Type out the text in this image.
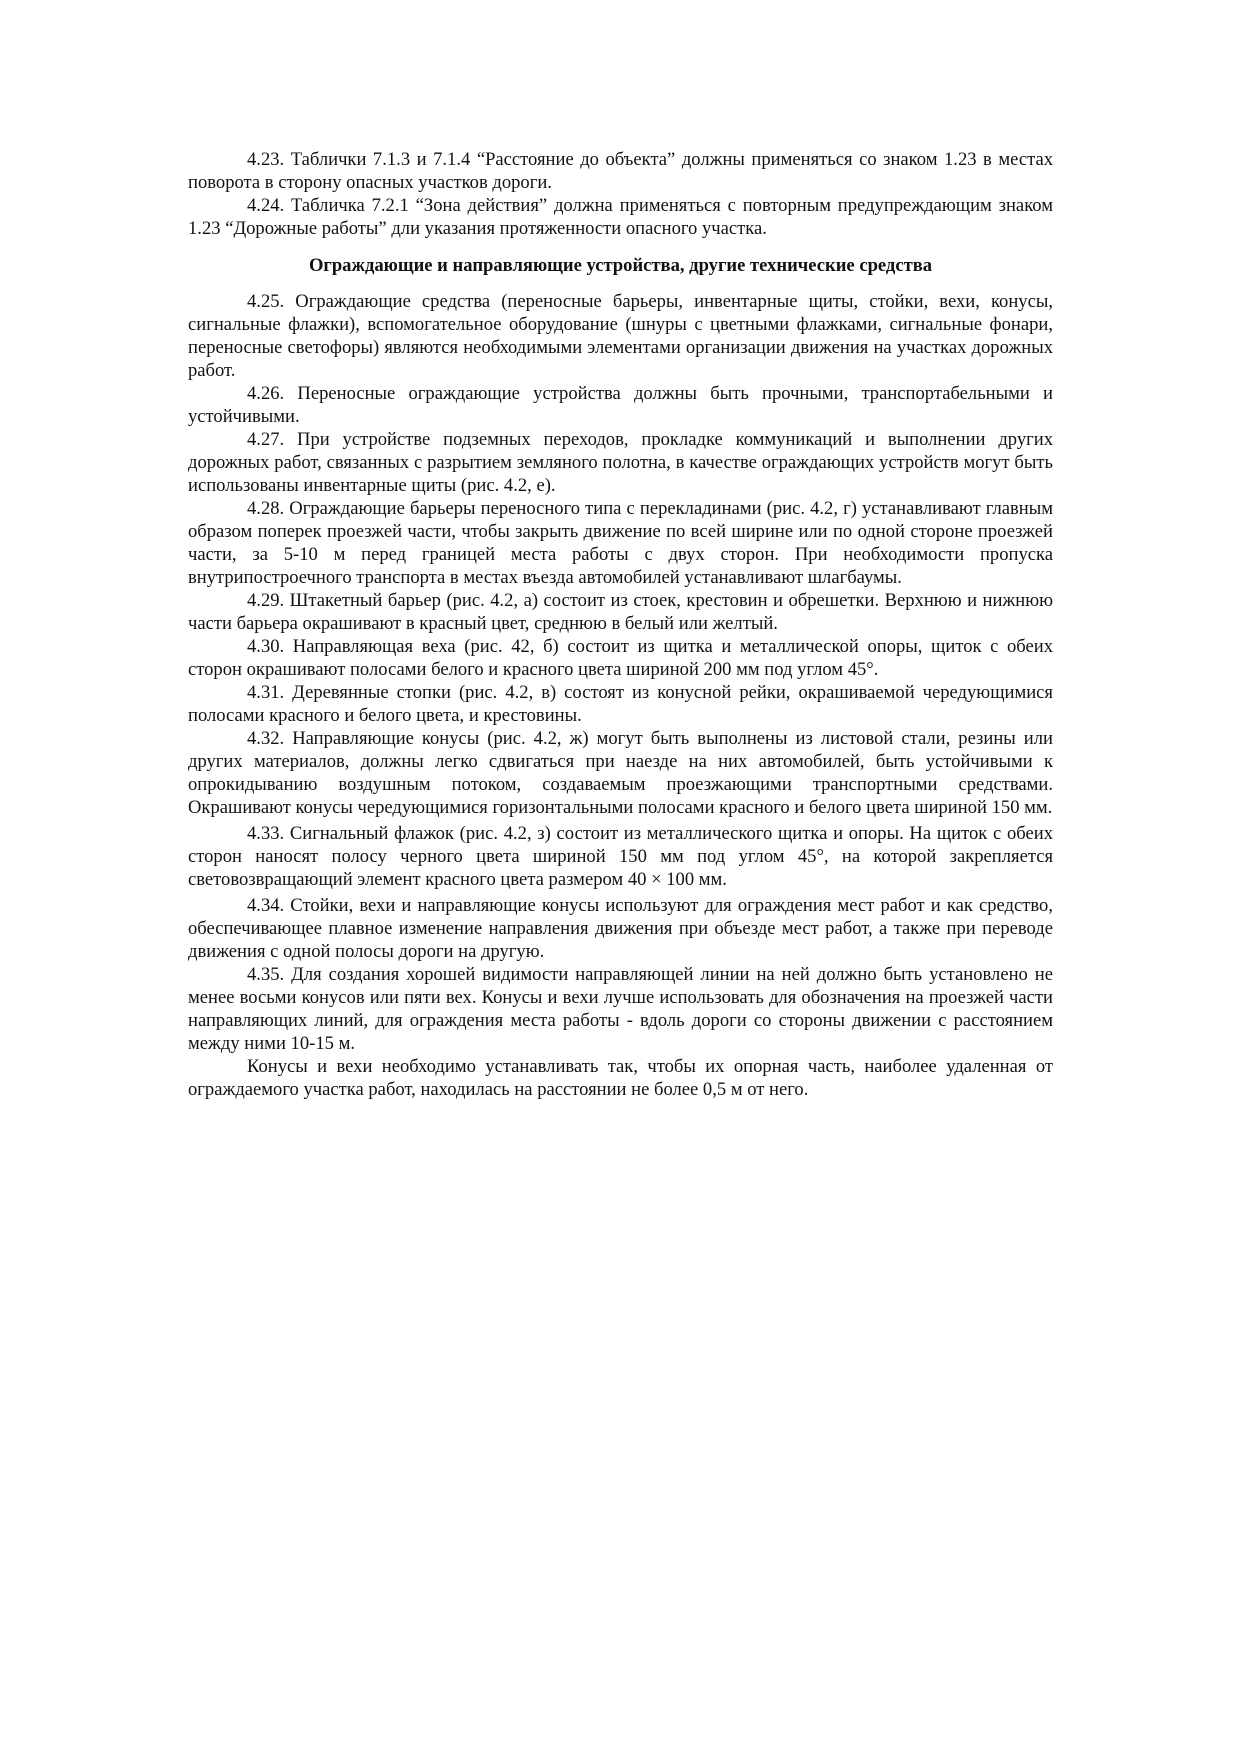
4.23. Таблички 7.1.3 и 7.1.4 “Расстояние до объекта” должны применяться со знаком 1.23 в местах поворота в сторону опасных участков дороги.

4.24. Табличка 7.2.1 “Зона действия” должна применяться с повторным предупреждающим знаком 1.23 “Дорожные работы” дли указания протяженности опасного участка.

Ограждающие и направляющие устройства, другие технические средства

4.25. Ограждающие средства (переносные барьеры, инвентарные щиты, стойки, вехи, конусы, сигнальные флажки), вспомогательное оборудование (шнуры с цветными флажками, сигнальные фонари, переносные светофоры) являются необходимыми элементами организации движения на участках дорожных работ.

4.26. Переносные ограждающие устройства должны быть прочными, транспортабельными и устойчивыми.

4.27. При устройстве подземных переходов, прокладке коммуникаций и выполнении других дорожных работ, связанных с разрытием земляного полотна, в качестве ограждающих устройств могут быть использованы инвентарные щиты (рис. 4.2, е).

4.28. Ограждающие барьеры переносного типа с перекладинами (рис. 4.2, г) устанавливают главным образом поперек проезжей части, чтобы закрыть движение по всей ширине или по одной стороне проезжей части, за 5-10 м перед границей места работы с двух сторон. При необходимости пропуска внутрипостроечного транспорта в местах въезда автомобилей устанавливают шлагбаумы.

4.29. Штакетный барьер (рис. 4.2, а) состоит из стоек, крестовин и обрешетки. Верхнюю и нижнюю части барьера окрашивают в красный цвет, среднюю в белый или желтый.

4.30. Направляющая веха (рис. 42, б) состоит из щитка и металлической опоры, щиток с обеих сторон окрашивают полосами белого и красного цвета шириной 200 мм под углом 45°.

4.31. Деревянные стопки (рис. 4.2, в) состоят из конусной рейки, окрашиваемой чередующимися полосами красного и белого цвета, и крестовины.

4.32. Направляющие конусы (рис. 4.2, ж) могут быть выполнены из листовой стали, резины или других материалов, должны легко сдвигаться при наезде на них автомобилей, быть устойчивыми к опрокидыванию воздушным потоком, создаваемым проезжающими транспортными средствами. Окрашивают конусы чередующимися горизонтальными полосами красного и белого цвета шириной 150 мм.

4.33. Сигнальный флажок (рис. 4.2, з) состоит из металлического щитка и опоры. На щиток с обеих сторон наносят полосу черного цвета шириной 150 мм под углом 45°, на которой закрепляется световозвращающий элемент красного цвета размером 40 × 100 мм.

4.34. Стойки, вехи и направляющие конусы используют для ограждения мест работ и как средство, обеспечивающее плавное изменение направления движения при объезде мест работ, а также при переводе движения с одной полосы дороги на другую.

4.35. Для создания хорошей видимости направляющей линии на ней должно быть установлено не менее восьми конусов или пяти вех. Конусы и вехи лучше использовать для обозначения на проезжей части направляющих линий, для ограждения места работы - вдоль дороги со стороны движении с расстоянием между ними 10-15 м.

Конусы и вехи необходимо устанавливать так, чтобы их опорная часть, наиболее удаленная от ограждаемого участка работ, находилась на расстоянии не более 0,5 м от него.
